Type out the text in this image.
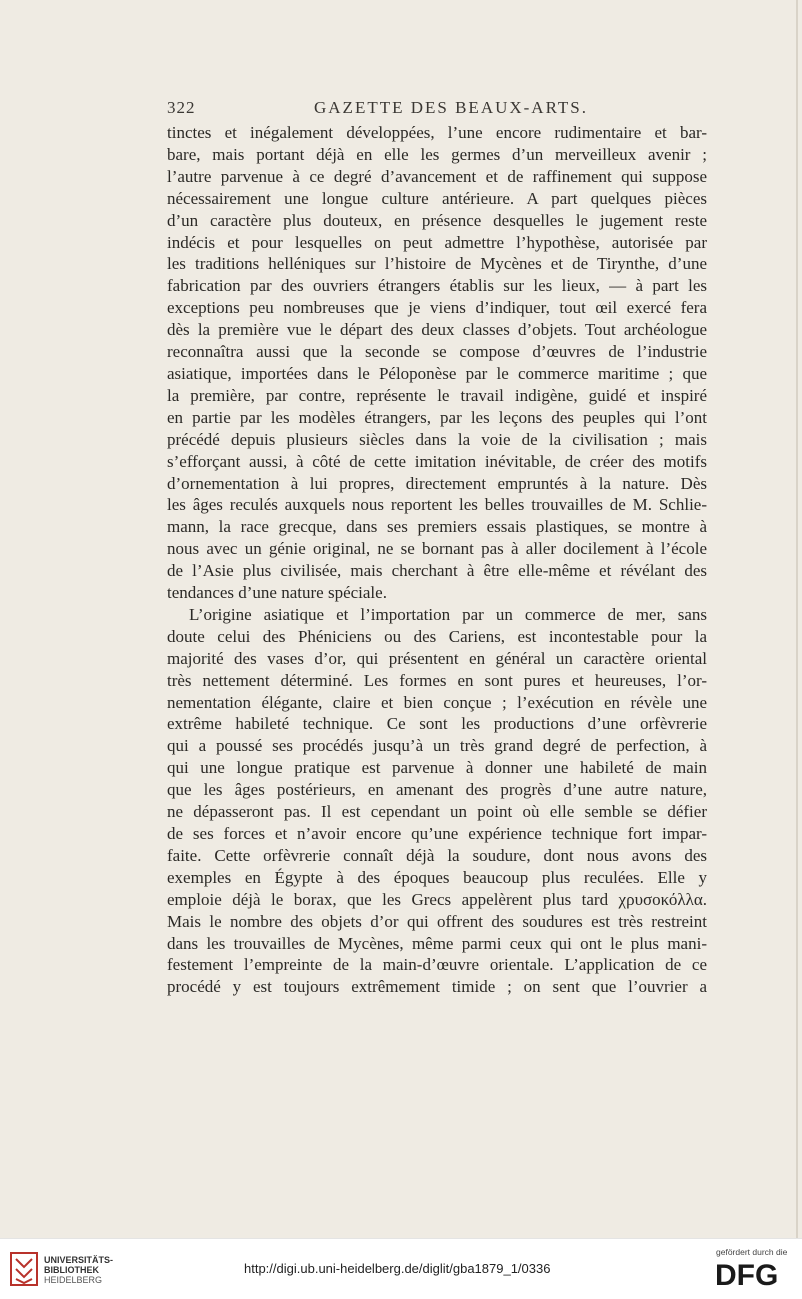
322	GAZETTE DES BEAUX-ARTS.
tinctes et inégalement développées, l’une encore rudimentaire et bar-
bare, mais portant déjà en elle les germes d’un merveilleux avenir ;
l’autre parvenue à ce degré d’avancement et de raffinement qui suppose
nécessairement une longue culture antérieure. A part quelques pièces
d’un caractère plus douteux, en présence desquelles le jugement reste
indécis et pour lesquelles on peut admettre l’hypothèse, autorisée par
les traditions helléniques sur l’histoire de Mycènes et de Tirynthe, d’une
fabrication par des ouvriers étrangers établis sur les lieux, — à part les
exceptions peu nombreuses que je viens d’indiquer, tout œil exercé fera
dès la première vue le départ des deux classes d’objets. Tout archéologue
reconnaîtra aussi que la seconde se compose d’œuvres de l’industrie
asiatique, importées dans le Péloponèse par le commerce maritime ; que
la première, par contre, représente le travail indigène, guidé et inspiré
en partie par les modèles étrangers, par les leçons des peuples qui l’ont
précédé depuis plusieurs siècles dans la voie de la civilisation ; mais
s’efforçant aussi, à côté de cette imitation inévitable, de créer des motifs
d’ornementation à lui propres, directement empruntés à la nature. Dès
les âges reculés auxquels nous reportent les belles trouvailles de M. Schlie-
mann, la race grecque, dans ses premiers essais plastiques, se montre à
nous avec un génie original, ne se bornant pas à aller docilement à l’école
de l’Asie plus civilisée, mais cherchant à être elle-même et révélant des
tendances d’une nature spéciale.
L’origine asiatique et l’importation par un commerce de mer, sans
doute celui des Phéniciens ou des Cariens, est incontestable pour la
majorité des vases d’or, qui présentent en général un caractère oriental
très nettement déterminé. Les formes en sont pures et heureuses, l’or-
nementation élégante, claire et bien conçue ; l’exécution en révèle une
extrême habileté technique. Ce sont les productions d’une orfèvrerie
qui a poussé ses procédés jusqu’à un très grand degré de perfection, à
qui une longue pratique est parvenue à donner une habileté de main
que les âges postérieurs, en amenant des progrès d’une autre nature,
ne dépasseront pas. Il est cependant un point où elle semble se défier
de ses forces et n’avoir encore qu’une expérience technique fort impar-
faite. Cette orfèvrerie connaît déjà la soudure, dont nous avons des
exemples en Égypte à des époques beaucoup plus reculées. Elle y
emploie déjà le borax, que les Grecs appelèrent plus tard χρυσοκόλλα.
Mais le nombre des objets d’or qui offrent des soudures est très restreint
dans les trouvailles de Mycènes, même parmi ceux qui ont le plus mani-
festement l’empreinte de la main-d’œuvre orientale. L’application de ce
procédé y est toujours extrêmement timide ; on sent que l’ouvrier a
UNIVERSITÄTS-
BIBLIOTHEK
HEIDELBERG
http://digi.ub.uni-heidelberg.de/diglit/gba1879_1/0336
gefördert durch die
DFG
